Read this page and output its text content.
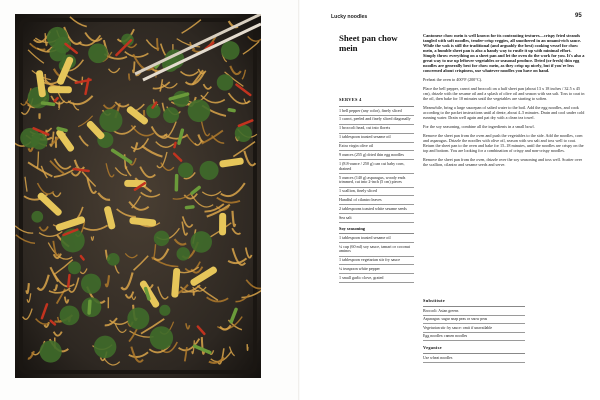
Lucky noodles	95
Sheet pan chow mein
SERVES 4
1 bell pepper (any color), finely sliced
1 carrot, peeled and finely sliced diagonally
1 broccoli head, cut into florets
1 tablespoon toasted sesame oil
Extra virgin olive oil
9 ounces (255 g) dried thin egg noodles
1 (8.8-ounce / 250 g) can cut baby corn, drained
5 ounces (140 g) asparagus, woody ends trimmed, cut into 2-inch (5 cm) pieces
1 scallion, finely sliced
Handful of cilantro leaves
2 tablespoons toasted white sesame seeds
Sea salt
Soy seasoning
1 tablespoon toasted sesame oil
¼ cup (60 ml) soy sauce, tamari or coconut aminos
1 tablespoon vegetarian stir fry sauce
¼ teaspoon white pepper
1 small garlic clove, grated

Cantonese chow mein is well known for its contrasting textures—crispy fried strands tangled with soft noodles, tender-crisp veggies, all smothered in an umami-rich sauce. While the wok is still the traditional (and arguably the best) cooking vessel for chow mein, a humble sheet pan is also a handy way to rustle it up with minimal effort. Simply throw everything on a sheet pan and let the oven do the work for you. It's also a great way to use up leftover vegetables or seasonal produce. Dried (or fresh) thin egg noodles are generally best for chow mein, as they crisp up nicely, but if you're less concerned about crispiness, use whatever noodles you have on hand.

Preheat the oven to 400°F (200°C).

Place the bell pepper, carrot and broccoli on a half sheet pan (about 13 x 18 inches / 32.5 x 45 cm), drizzle with the sesame oil and a splash of olive oil and season with sea salt. Toss to coat in the oil, then bake for 10 minutes until the vegetables are starting to soften.

Meanwhile, bring a large saucepan of salted water to the boil. Add the egg noodles, and cook according to the packet instructions until al dente, about 4–5 minutes. Drain and cool under cold running water. Drain well again and pat dry with a clean tea towel.

For the soy seasoning, combine all the ingredients in a small bowl.

Remove the sheet pan from the oven and push the vegetables to the side. Add the noodles, corn and asparagus. Drizzle the noodles with olive oil, season with sea salt and toss well to coat. Return the sheet pan to the oven and bake for 15–18 minutes, until the noodles are crispy on the top and bottom. You are looking for a combination of crispy and non-crispy noodles.

Remove the sheet pan from the oven, drizzle over the soy seasoning and toss well. Scatter over the scallion, cilantro and sesame seeds and serve.

Substitute
Broccoli: Asian greens
Asparagus: sugar snap peas or snow peas
Vegetarian stir fry sauce: omit if unavailable
Egg noodles: ramen noodles
Veganise
Use wheat noodles
